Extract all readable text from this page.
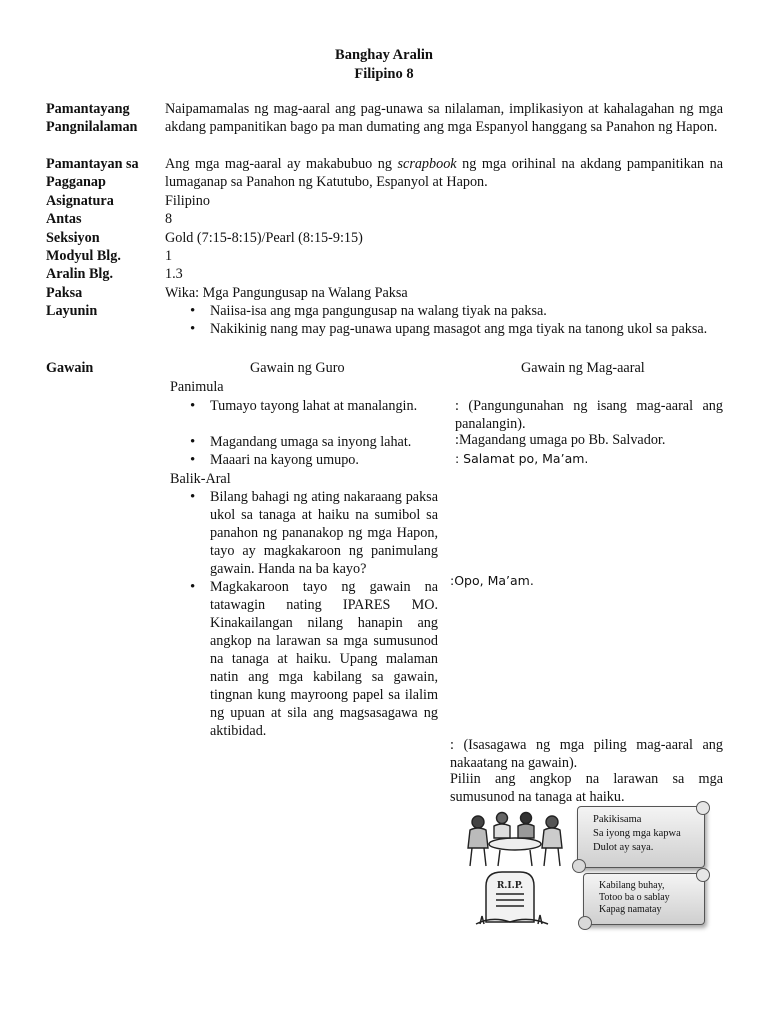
Banghay Aralin
Filipino 8
Pamantayang
Pangnilalaman
Naipamamalas ng mag-aaral ang pag-unawa sa nilalaman, implikasiyon at kahalagahan ng mga akdang pampanitikan bago pa man dumating ang mga Espanyol hanggang sa Panahon ng Hapon.
Pamantayan sa
Pagganap
Ang mga mag-aaral ay makabubuo ng scrapbook ng mga orihinal na akdang pampanitikan na lumaganap sa Panahon ng Katutubo, Espanyol at Hapon.
Asignatura	Filipino
Antas	8
Seksiyon	Gold (7:15-8:15)/Pearl (8:15-9:15)
Modyul Blg.	1
Aralin Blg.	1.3
Paksa	Wika: Mga Pangungusap na Walang Paksa
Layunin
•	Naiisa-isa ang mga pangungusap na walang tiyak na paksa.
• Nakikinig nang may pag-unawa upang masagot ang mga tiyak na tanong ukol sa paksa.
Gawain	Gawain ng Guro	Gawain ng Mag-aaral
Panimula
• Tumayo tayong lahat at manalangin.
• Magandang umaga sa inyong lahat.
• Maaari na kayong umupo.
Balik-Aral
• Bilang bahagi ng ating nakaraang paksa ukol sa tanaga at haiku na sumibol sa panahon ng pananakop ng mga Hapon, tayo ay magkakaroon ng panimulang gawain. Handa na ba kayo?
• Magkakaroon tayo ng gawain na tatawagin nating IPARES MO. Kinakailangan nilang hanapin ang angkop na larawan sa mga sumusunod na tanaga at haiku. Upang malaman natin ang mga kabilang sa gawain, tingnan kung mayroong papel sa ilalim ng upuan at sila ang magsasagawa ng aktibidad.
: (Pangungunahan ng isang mag-aaral ang panalangin).
:Magandang umaga po Bb. Salvador.
: Salamat po, Ma’am.
:Opo, Ma’am.
: (Isasagawa ng mga piling mag-aaral ang nakaatang na gawain).
Piliin ang angkop na larawan sa mga sumusunod na tanaga at haiku.
R.I.P.
Pakikisama
Sa iyong mga kapwa
Dulot ay saya.
Kabilang buhay,
Totoo ba o sablay
Kapag namatay
